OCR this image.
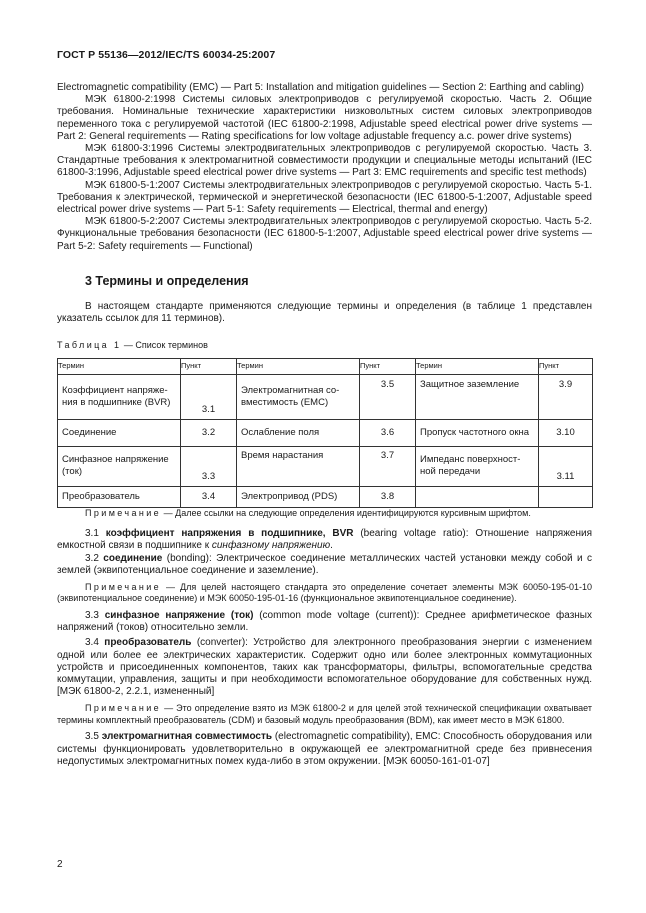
ГОСТ Р 55136—2012/IEC/TS 60034-25:2007

Electromagnetic compatibility (EMC) — Part 5: Installation and mitigation guidelines — Section 2: Earthing and cabling)

МЭК 61800-2:1998 Системы силовых электроприводов с регулируемой скоростью. Часть 2. Общие требования. Номинальные технические характеристики низковольтных систем силовых электроприводов переменного тока с регулируемой частотой (IEC 61800-2:1998, Adjustable speed electrical power drive systems — Part 2: General requirements — Rating specifications for low voltage adjustable frequency a.c. power drive systems)

МЭК 61800-3:1996 Системы электродвигательных электроприводов с регулируемой скоростью. Часть 3. Стандартные требования к электромагнитной совместимости продукции и специальные методы испытаний (IEC 61800-3:1996, Adjustable speed electrical power drive systems — Part 3: EMC requirements and specific test methods)

МЭК 61800-5-1:2007 Системы электродвигательных электроприводов с регулируемой скоростью. Часть 5-1. Требования к электрической, термической и энергетической безопасности (IEC 61800-5-1:2007, Adjustable speed electrical power drive systems — Part 5-1: Safety requirements — Electrical, thermal and energy)

МЭК 61800-5-2:2007 Системы электродвигательных электроприводов с регулируемой скоростью. Часть 5-2. Функциональные требования безопасности (IEC 61800-5-1:2007, Adjustable speed electrical power drive systems — Part 5-2: Safety requirements — Functional)

3 Термины и определения

В настоящем стандарте применяются следующие термины и определения (в таблице 1 представлен указатель ссылок для 11 терминов).

Таблица 1 — Список терминов
Термин	Пункт	Термин	Пункт	Термин	Пункт
Коэффициент напряже-ния в подшипнике (BVR)	3.1	Электромагнитная со-вместимость (EMC)	3.5	Защитное заземление	3.9
Соединение	3.2	Ослабление поля	3.6	Пропуск частотного окна	3.10
Синфазное напряжение (ток)	3.3	Время нарастания	3.7	Импеданс поверхност-ной передачи	3.11
Преобразователь	3.4	Электропривод (PDS)	3.8		

Примечание — Далее ссылки на следующие определения идентифицируются курсивным шрифтом.

3.1 коэффициент напряжения в подшипнике, BVR (bearing voltage ratio): Отношение напряжения емкостной связи в подшипнике к синфазному напряжению.

3.2 соединение (bonding): Электрическое соединение металлических частей установки между собой и с землей (эквипотенциальное соединение и заземление).

Примечание — Для целей настоящего стандарта это определение сочетает элементы МЭК 60050-195-01-10 (эквипотенциальное соединение) и МЭК 60050-195-01-16 (функциональное эквипотенциальное соединение).

3.3 синфазное напряжение (ток) (common mode voltage (current)): Среднее арифметическое фазных напряжений (токов) относительно земли.

3.4 преобразователь (converter): Устройство для электронного преобразования энергии с изменением одной или более ее электрических характеристик. Содержит одно или более электронных коммутационных устройств и присоединенных компонентов, таких как трансформаторы, фильтры, вспомогательные средства коммутации, управления, защиты и при необходимости вспомогательное оборудование для собственных нужд. [МЭК 61800-2, 2.2.1, измененный]

Примечание — Это определение взято из МЭК 61800-2 и для целей этой технической спецификации охватывает термины комплектный преобразователь (CDM) и базовый модуль преобразования (BDM), как имеет место в МЭК 61800.

3.5 электромагнитная совместимость (electromagnetic compatibility), EMC: Способность оборудования или системы функционировать удовлетворительно в окружающей ее электромагнитной среде без привнесения недопустимых электромагнитных помех куда-либо в этом окружении. [МЭК 60050-161-01-07]

2
